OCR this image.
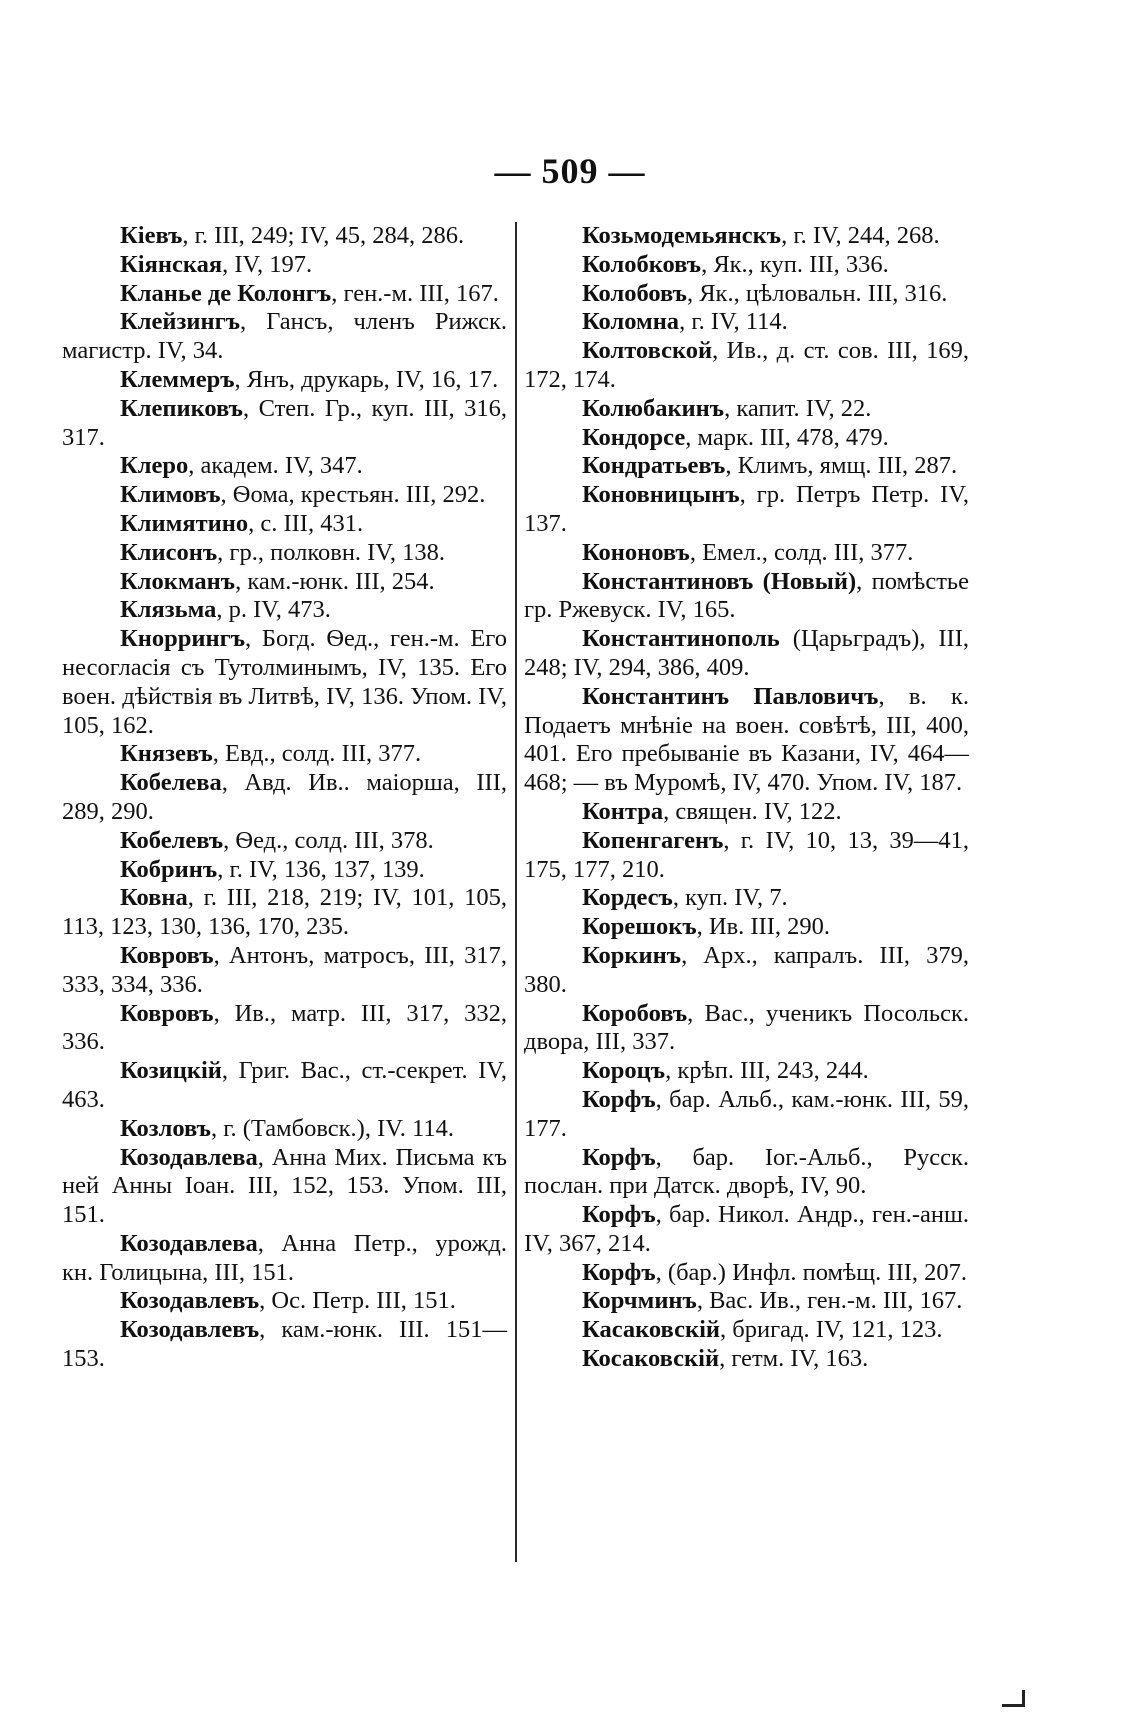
— 509 —

Кіевъ, г. III, 249; IV, 45, 284, 286.

Кіянская, IV, 197.

Кланье де Колонгъ, ген.-м. III, 167.

Клейзингъ, Гансъ, членъ Рижск. магистр. IV, 34.

Клеммеръ, Янъ, друкарь, IV, 16, 17.

Клепиковъ, Степ. Гр., куп. III, 316, 317.

Клеро, академ. IV, 347.

Климовъ, Ѳома, крестьян. III, 292.

Климятино, с. III, 431.

Клисонъ, гр., полковн. IV, 138.

Клокманъ, кам.-юнк. III, 254.

Клязьма, р. IV, 473.

Кноррингъ, Богд. Ѳед., ген.-м. Его несогласія съ Тутолминымъ, IV, 135. Его воен. дѣйствія въ Литвѣ, IV, 136. Упом. IV, 105, 162.

Князевъ, Евд., солд. III, 377.

Кобелева, Авд. Ив.. маіорша, III, 289, 290.

Кобелевъ, Ѳед., солд. III, 378.

Кобринъ, г. IV, 136, 137, 139.

Ковна, г. III, 218, 219; IV, 101, 105, 113, 123, 130, 136, 170, 235.

Ковровъ, Антонъ, матросъ, III, 317, 333, 334, 336.

Ковровъ, Ив., матр. III, 317, 332, 336.

Козицкій, Григ. Вас., ст.-секрет. IV, 463.

Козловъ, г. (Тамбовск.), IV. 114.

Козодавлева, Анна Мих. Письма къ ней Анны Іоан. III, 152, 153. Упом. III, 151.

Козодавлева, Анна Петр., урожд. кн. Голицына, III, 151.

Козодавлевъ, Ос. Петр. III, 151.

Козодавлевъ, кам.-юнк. III. 151—153.

Козьмодемьянскъ, г. IV, 244, 268.

Колобковъ, Як., куп. III, 336.

Колобовъ, Як., цѣловальн. III, 316.

Коломна, г. IV, 114.

Колтовской, Ив., д. ст. сов. III, 169, 172, 174.

Колюбакинъ, капит. IV, 22.

Кондорсе, марк. III, 478, 479.

Кондратьевъ, Климъ, ямщ. III, 287.

Коновницынъ, гр. Петръ Петр. IV, 137.

Кононовъ, Емел., солд. III, 377.

Константиновъ (Новый), помѣстье гр. Ржевуск. IV, 165.

Константинополь (Царьградъ), III, 248; IV, 294, 386, 409.

Константинъ Павловичъ, в. к. Подаетъ мнѣніе на воен. совѣтѣ, III, 400, 401. Его пребываніе въ Казани, IV, 464—468; — въ Муромѣ, IV, 470. Упом. IV, 187.

Контра, священ. IV, 122.

Копенгагенъ, г. IV, 10, 13, 39—41, 175, 177, 210.

Кордесъ, куп. IV, 7.

Корешокъ, Ив. III, 290.

Коркинъ, Арх., капралъ. III, 379, 380.

Коробовъ, Вас., ученикъ Посольск. двора, III, 337.

Короцъ, крѣп. III, 243, 244.

Корфъ, бар. Альб., кам.-юнк. III, 59, 177.

Корфъ, бар. Іог.-Альб., Русск. послан. при Датск. дворѣ, IV, 90.

Корфъ, бар. Никол. Андр., ген.-анш. IV, 367, 214.

Корфъ, (бар.) Инфл. помѣщ. III, 207.

Корчминъ, Вас. Ив., ген.-м. III, 167.

Касаковскій, бригад. IV, 121, 123.

Косаковскій, гетм. IV, 163.
